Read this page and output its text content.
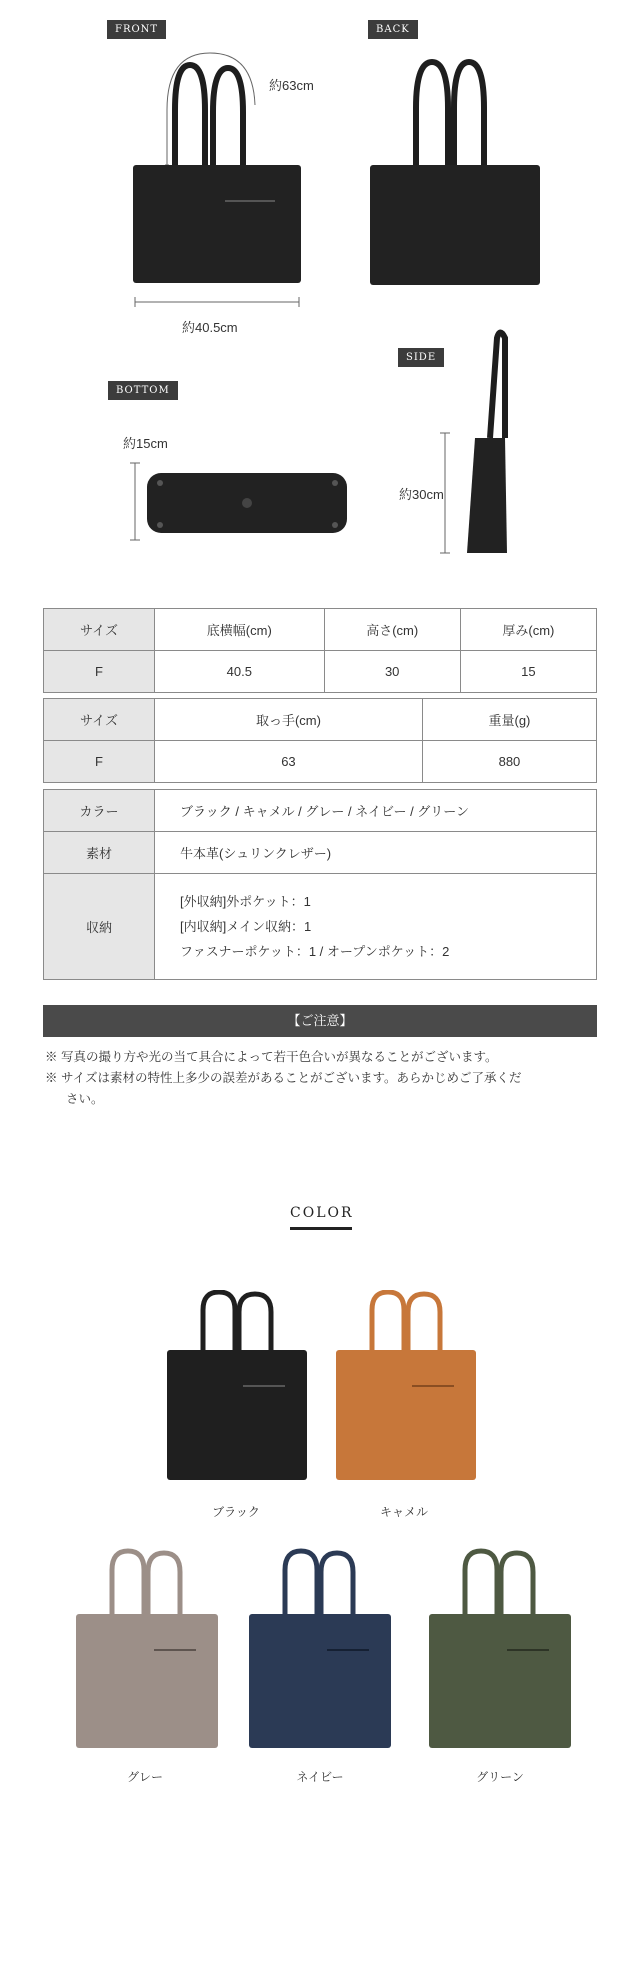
FRONT	BACK
SIDE
BOTTOM
約63cm
約40.5cm
約30cm
約15cm
サイズ	底横幅(cm)	高さ(cm)	厚み(cm)
F	40.5	30	15
サイズ	取っ手(cm)	重量(g)
F	63	880
カラー	ブラック / キャメル / グレー / ネイビー / グリーン
素材	牛本革(シュリンクレザー)
収納	[外収納]外ポケット：1
[内収納]メイン収納：1
ファスナーポケット：1 / オープンポケット：2
【ご注意】
※ 写真の撮り方や光の当て具合によって若干色合いが異なることがございます。
※ サイズは素材の特性上多少の誤差があることがございます。あらかじめご了承くだ
さい。
COLOR
ブラック	キャメル
グレー	ネイビー	グリーン
